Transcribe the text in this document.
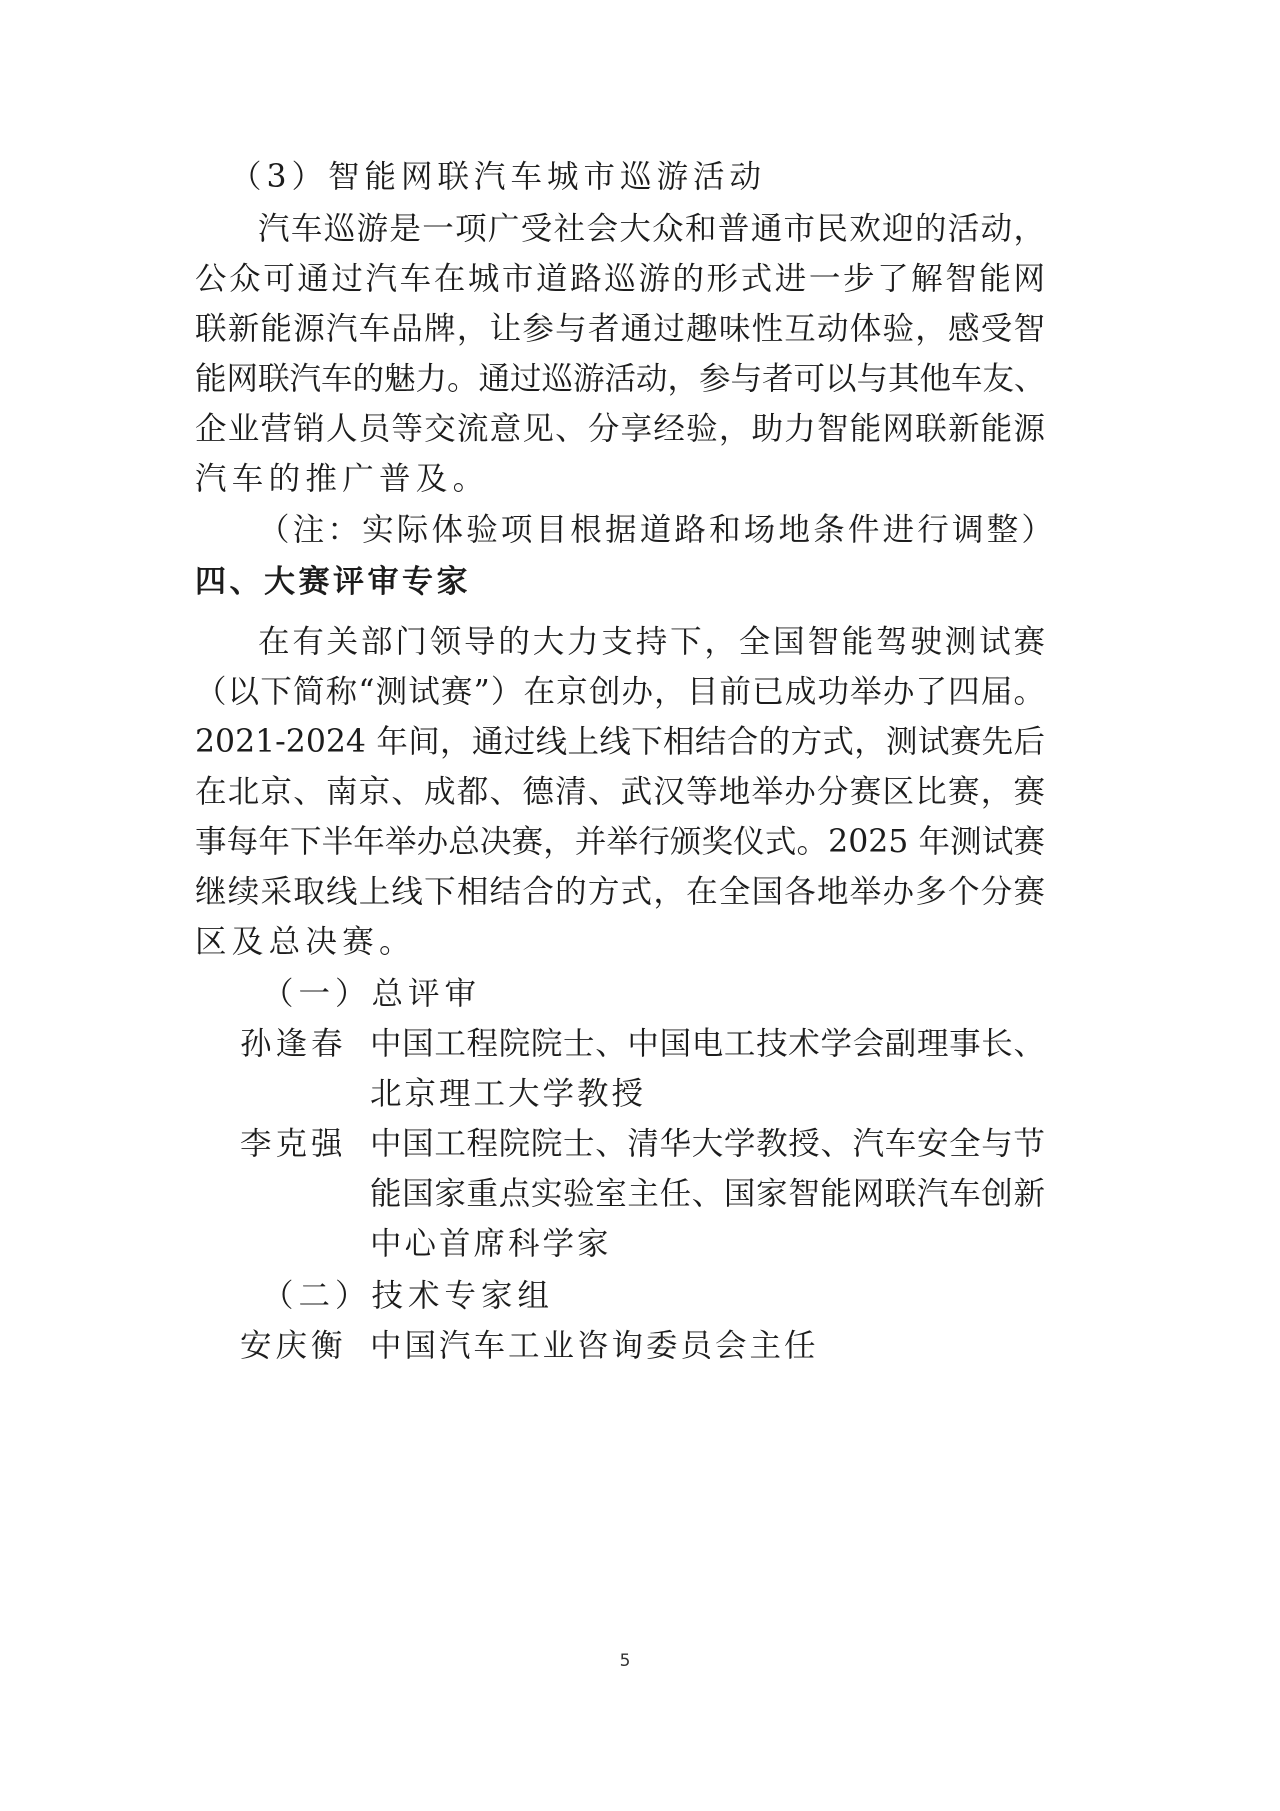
（3）智能网联汽车城市巡游活动
汽车巡游是一项广受社会大众和普通市民欢迎的活动，
公众可通过汽车在城市道路巡游的形式进一步了解智能网
联新能源汽车品牌，让参与者通过趣味性互动体验，感受智
能网联汽车的魅力。通过巡游活动，参与者可以与其他车友、
企业营销人员等交流意见、分享经验，助力智能网联新能源
汽车的推广普及。
（注：实际体验项目根据道路和场地条件进行调整）
四、大赛评审专家
在有关部门领导的大力支持下，全国智能驾驶测试赛
（以下简称“测试赛”）在京创办，目前已成功举办了四届。
2021-2024 年间，通过线上线下相结合的方式，测试赛先后
在北京、南京、成都、德清、武汉等地举办分赛区比赛，赛
事每年下半年举办总决赛，并举行颁奖仪式。2025 年测试赛
继续采取线上线下相结合的方式，在全国各地举办多个分赛
区及总决赛。
（一）总评审
孙逢春 中国工程院院士、中国电工技术学会副理事长、
北京理工大学教授
李克强 中国工程院院士、清华大学教授、汽车安全与节
能国家重点实验室主任、国家智能网联汽车创新
中心首席科学家
（二）技术专家组
安庆衡 中国汽车工业咨询委员会主任
5
